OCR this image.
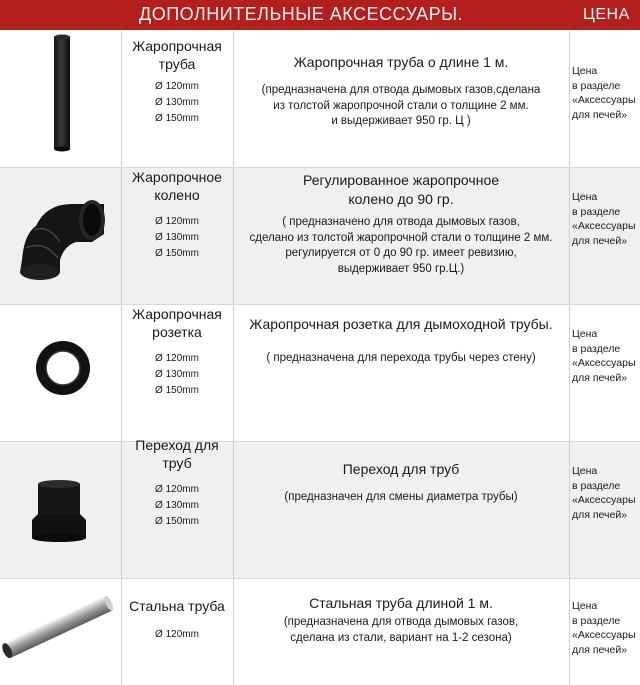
ДОПОЛНИТЕЛЬНЫЕ АКСЕССУАРЫ.	ЦЕНА
Жаропрочная
труба
Ø 120mm
Ø 130mm
Ø 150mm
Жаропрочная труба о длине 1 м.
(предназначена для отвода дымовых газов,сделана
из толстой жаропрочной стали о толщине 2 мм.
и выдерживает 950 гр. Ц )
Цена
в разделе
«Аксессуары
для печей»
Жаропрочное
колено
Ø 120mm
Ø 130mm
Ø 150mm
Регулированное жаропрочное
колено до 90 гр.
( предназначено для отвода дымовых газов,
сделано из толстой жаропрочной стали о толщине 2 мм.
регулируется от 0 до 90 гр. имеет ревизию,
выдерживает 950 гр.Ц.)
Цена
в разделе
«Аксессуары
для печей»
Жаропрочная
розетка
Ø 120mm
Ø 130mm
Ø 150mm
Жаропрочная розетка для дымоходной трубы.
( предназначена для перехода трубы через стену)
Цена
в разделе
«Аксессуары
для печей»
Переход для
труб
Ø 120mm
Ø 130mm
Ø 150mm
Переход для труб
(предназначен для смены диаметра трубы)
Цена
в разделе
«Аксессуары
для печей»
Стальна труба
Ø 120mm
Стальная труба длиной 1 м.
(предназначена для отвода дымовых газов,
сделана из стали, вариант на 1-2 сезона)
Цена
в разделе
«Аксессуары
для печей»
